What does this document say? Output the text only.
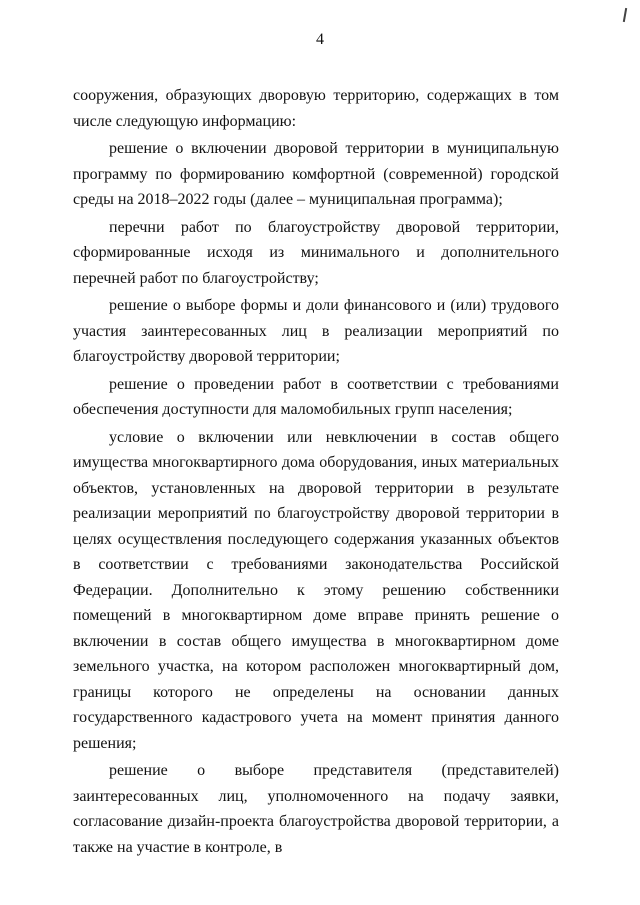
4

сооружения, образующих дворовую территорию, содержащих в том числе следующую информацию:

решение о включении дворовой территории в муниципальную программу по формированию комфортной (современной) городской среды на 2018–2022 годы (далее – муниципальная программа);

перечни работ по благоустройству дворовой территории, сформированные исходя из минимального и дополнительного перечней работ по благоустройству;

решение о выборе формы и доли финансового и (или) трудового участия заинтересованных лиц в реализации мероприятий по благоустройству дворовой территории;

решение о проведении работ в соответствии с требованиями обеспечения доступности для маломобильных групп населения;

условие о включении или невключении в состав общего имущества многоквартирного дома оборудования, иных материальных объектов, установленных на дворовой территории в результате реализации мероприятий по благоустройству дворовой территории в целях осуществления последующего содержания указанных объектов в соответствии с требованиями законодательства Российской Федерации. Дополнительно к этому решению собственники помещений в многоквартирном доме вправе принять решение о включении в состав общего имущества в многоквартирном доме земельного участка, на котором расположен многоквартирный дом, границы которого не определены на основании данных государственного кадастрового учета на момент принятия данного решения;

решение о выборе представителя (представителей) заинтересованных лиц, уполномоченного на подачу заявки, согласование дизайн-проекта благоустройства дворовой территории, а также на участие в контроле, в
